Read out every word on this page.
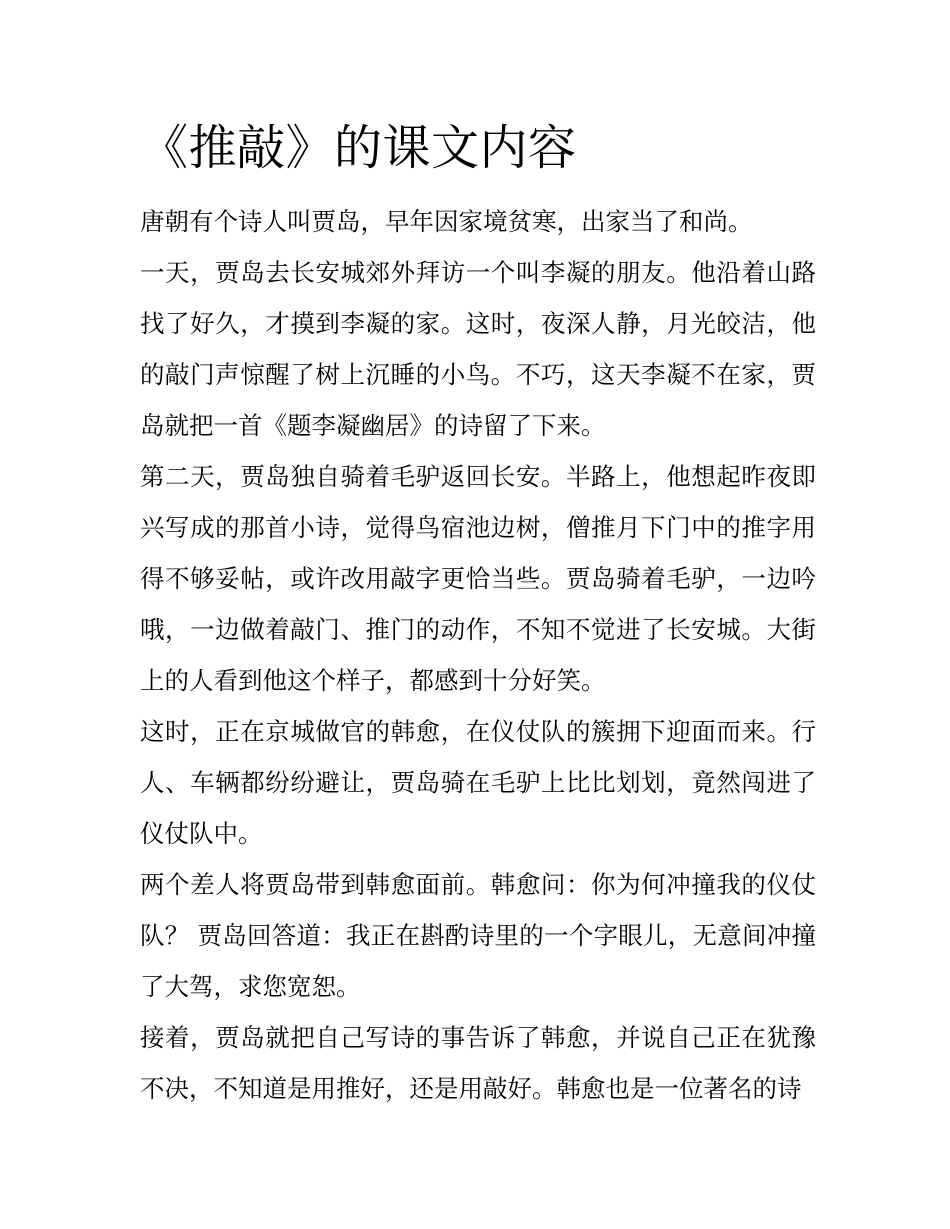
《推敲》的课文内容

唐朝有个诗人叫贾岛，早年因家境贫寒，出家当了和尚。

一天，贾岛去长安城郊外拜访一个叫李凝的朋友。他沿着山路找了好久，才摸到李凝的家。这时，夜深人静，月光皎洁，他的敲门声惊醒了树上沉睡的小鸟。不巧，这天李凝不在家，贾岛就把一首《题李凝幽居》的诗留了下来。

第二天，贾岛独自骑着毛驴返回长安。半路上，他想起昨夜即兴写成的那首小诗，觉得鸟宿池边树，僧推月下门中的推字用得不够妥帖，或许改用敲字更恰当些。贾岛骑着毛驴，一边吟哦，一边做着敲门、推门的动作，不知不觉进了长安城。大街上的人看到他这个样子，都感到十分好笑。

这时，正在京城做官的韩愈，在仪仗队的簇拥下迎面而来。行人、车辆都纷纷避让，贾岛骑在毛驴上比比划划，竟然闯进了仪仗队中。

两个差人将贾岛带到韩愈面前。韩愈问：你为何冲撞我的仪仗队？ 贾岛回答道：我正在斟酌诗里的一个字眼儿，无意间冲撞了大驾，求您宽恕。

接着，贾岛就把自己写诗的事告诉了韩愈，并说自己正在犹豫不决，不知道是用推好，还是用敲好。韩愈也是一位著名的诗
